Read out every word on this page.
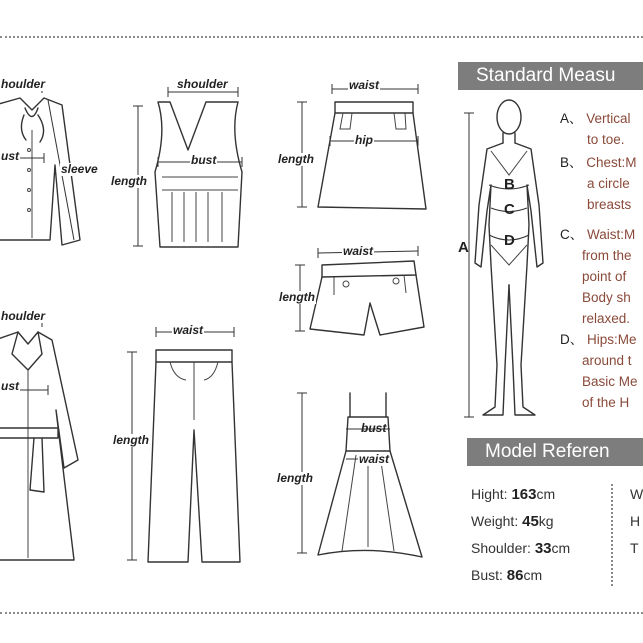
houlder
ust
sleeve
shoulder
bust
length
waist
hip
length
waist
length
houlder
ust
waist
length
bust
waist
length
Standard Measu
A
B
C
D
A、 Vertical
to toe.
B、 Chest:M
a circle
breasts
C、 Waist:M
from the
point of
Body sh
relaxed.
D、 Hips:Me
around t
Basic Me
of the H
Model Referen
Hight: 163cm
Weight: 45kg
Shoulder: 33cm
Bust: 86cm
W
H
T
